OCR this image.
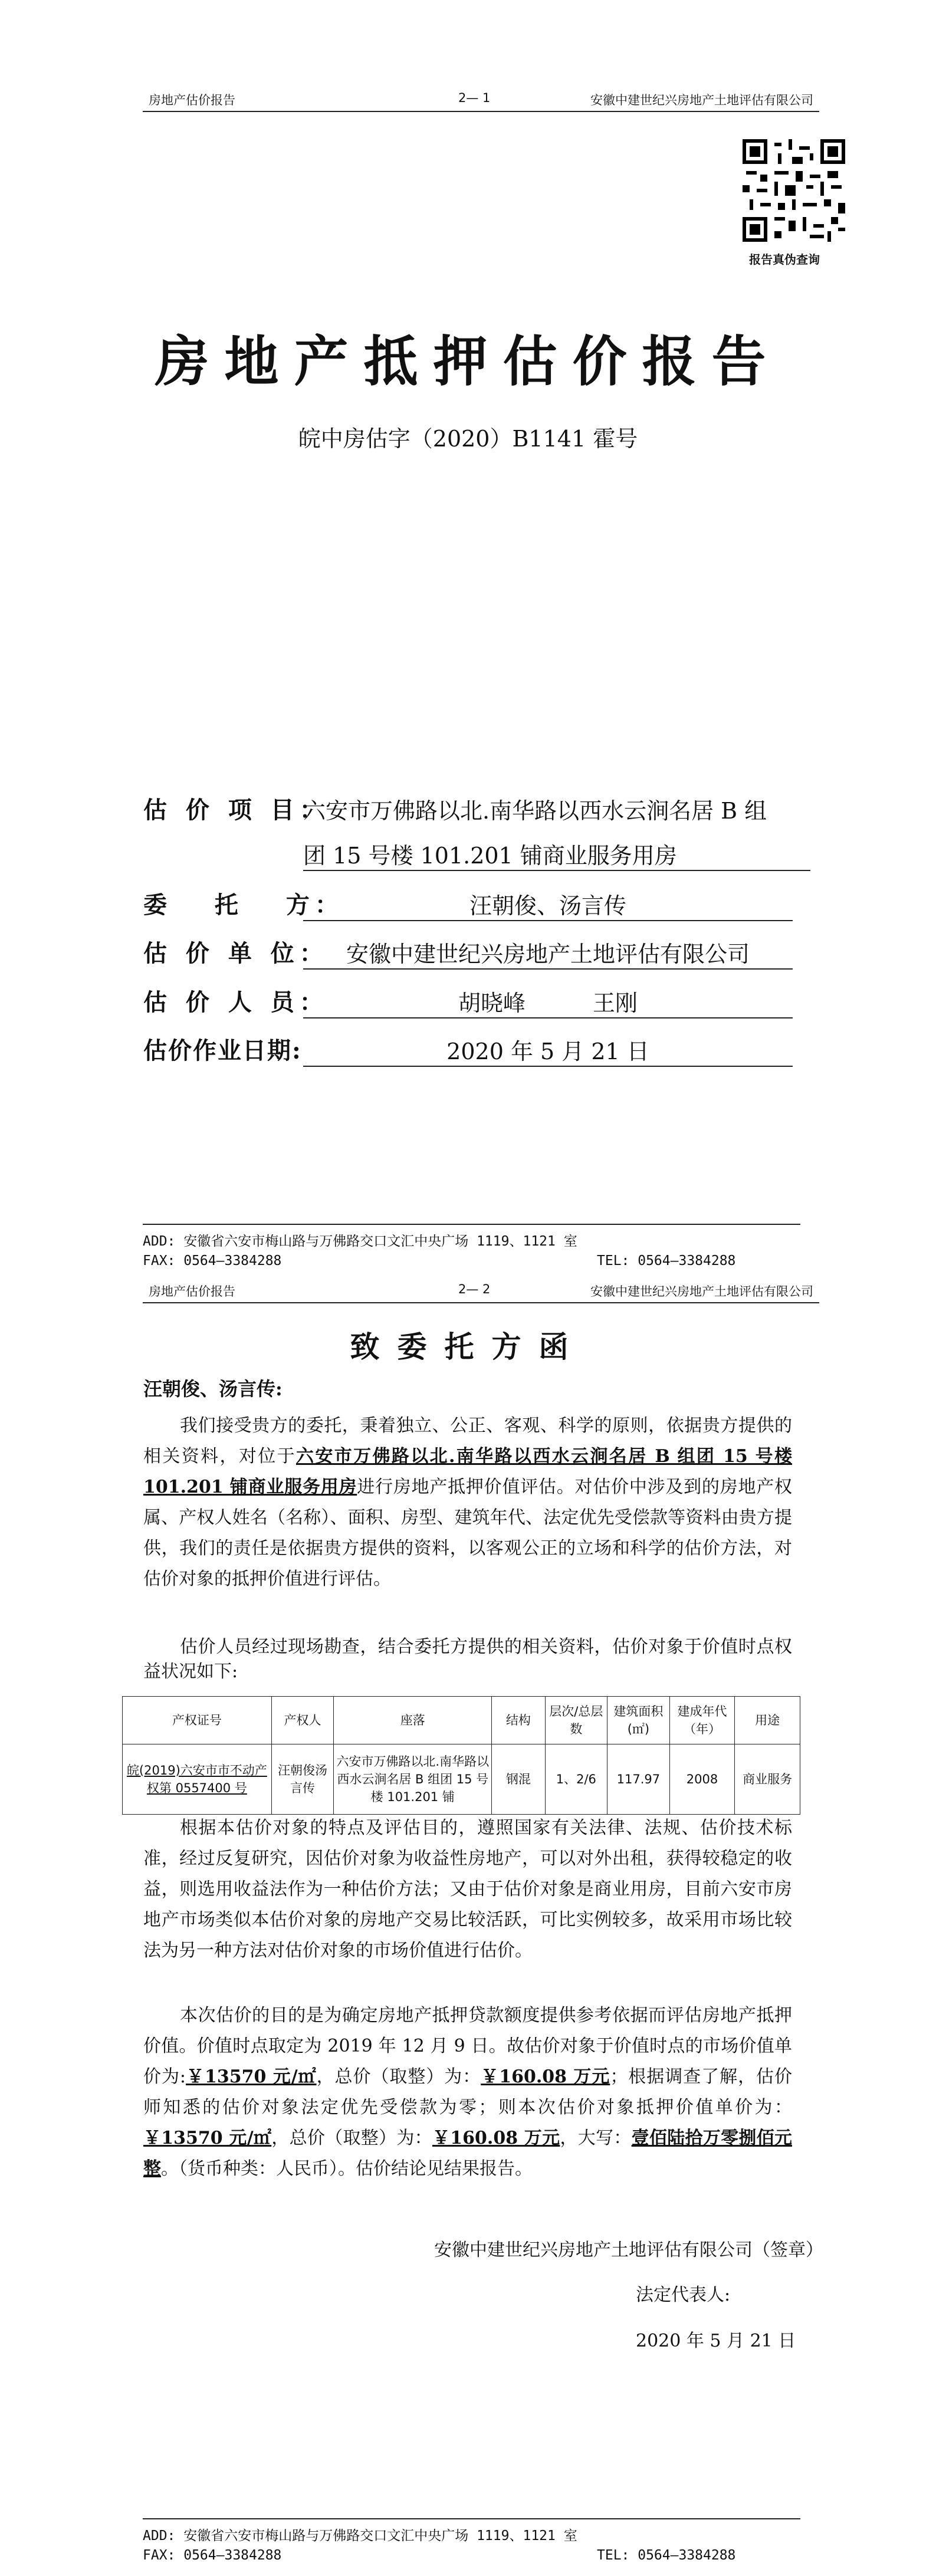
房地产估价报告	2— 1	安徽中建世纪兴房地产土地评估有限公司
报告真伪查询
房地产抵押估价报告
皖中房估字（2020）B1141 霍号
估 价 项 目：
六安市万佛路以北.南华路以西水云涧名居 B 组
团 15 号楼 101.201 铺商业服务用房
委　 托　 方：	汪朝俊、汤言传
估 价 单 位： 安徽中建世纪兴房地产土地评估有限公司
估 价 人 员：	胡晓峰　　　王刚
估价作业日期:	2020 年 5 月 21 日
ADD: 安徽省六安市梅山路与万佛路交口文汇中央广场 1119、1121 室
FAX: 0564—3384288	TEL: 0564—3384288
房地产估价报告	2— 2	安徽中建世纪兴房地产土地评估有限公司
致委托方函
汪朝俊、汤言传:
我们接受贵方的委托，秉着独立、公正、客观、科学的原则，依据贵方提供的相关资料，对位于六安市万佛路以北.南华路以西水云涧名居 B 组团 15 号楼 101.201 铺商业服务用房进行房地产抵押价值评估。对估价中涉及到的房地产权属、产权人姓名（名称）、面积、房型、建筑年代、法定优先受偿款等资料由贵方提供，我们的责任是依据贵方提供的资料，以客观公正的立场和科学的估价方法，对估价对象的抵押价值进行评估。
估价人员经过现场勘查，结合委托方提供的相关资料，估价对象于价值时点权益状况如下:
产权证号	产权人	座落	结构	层次/总层数	建筑面积(㎡)	建成年代（年）	用途
皖(2019)六安市市不动产权第 0557400 号	汪朝俊汤言传	六安市万佛路以北.南华路以西水云涧名居 B 组团 15 号楼 101.201 铺	钢混	1、2/6	117.97	2008	商业服务
根据本估价对象的特点及评估目的，遵照国家有关法律、法规、估价技术标准，经过反复研究，因估价对象为收益性房地产，可以对外出租，获得较稳定的收益，则选用收益法作为一种估价方法；又由于估价对象是商业用房，目前六安市房地产市场类似本估价对象的房地产交易比较活跃，可比实例较多，故采用市场比较法为另一种方法对估价对象的市场价值进行估价。
本次估价的目的是为确定房地产抵押贷款额度提供参考依据而评估房地产抵押价值。价值时点取定为 2019 年 12 月 9 日。故估价对象于价值时点的市场价值单价为:￥13570 元/㎡，总价（取整）为：￥160.08 万元；根据调查了解，估价师知悉的估价对象法定优先受偿款为零；则本次估价对象抵押价值单价为：￥13570 元/㎡，总价（取整）为：￥160.08 万元，大写：壹佰陆拾万零捌佰元整。（货币种类：人民币）。估价结论见结果报告。
安徽中建世纪兴房地产土地评估有限公司（签章）
法定代表人:
2020 年 5 月 21 日
ADD: 安徽省六安市梅山路与万佛路交口文汇中央广场 1119、1121 室
FAX: 0564—3384288	TEL: 0564—3384288
